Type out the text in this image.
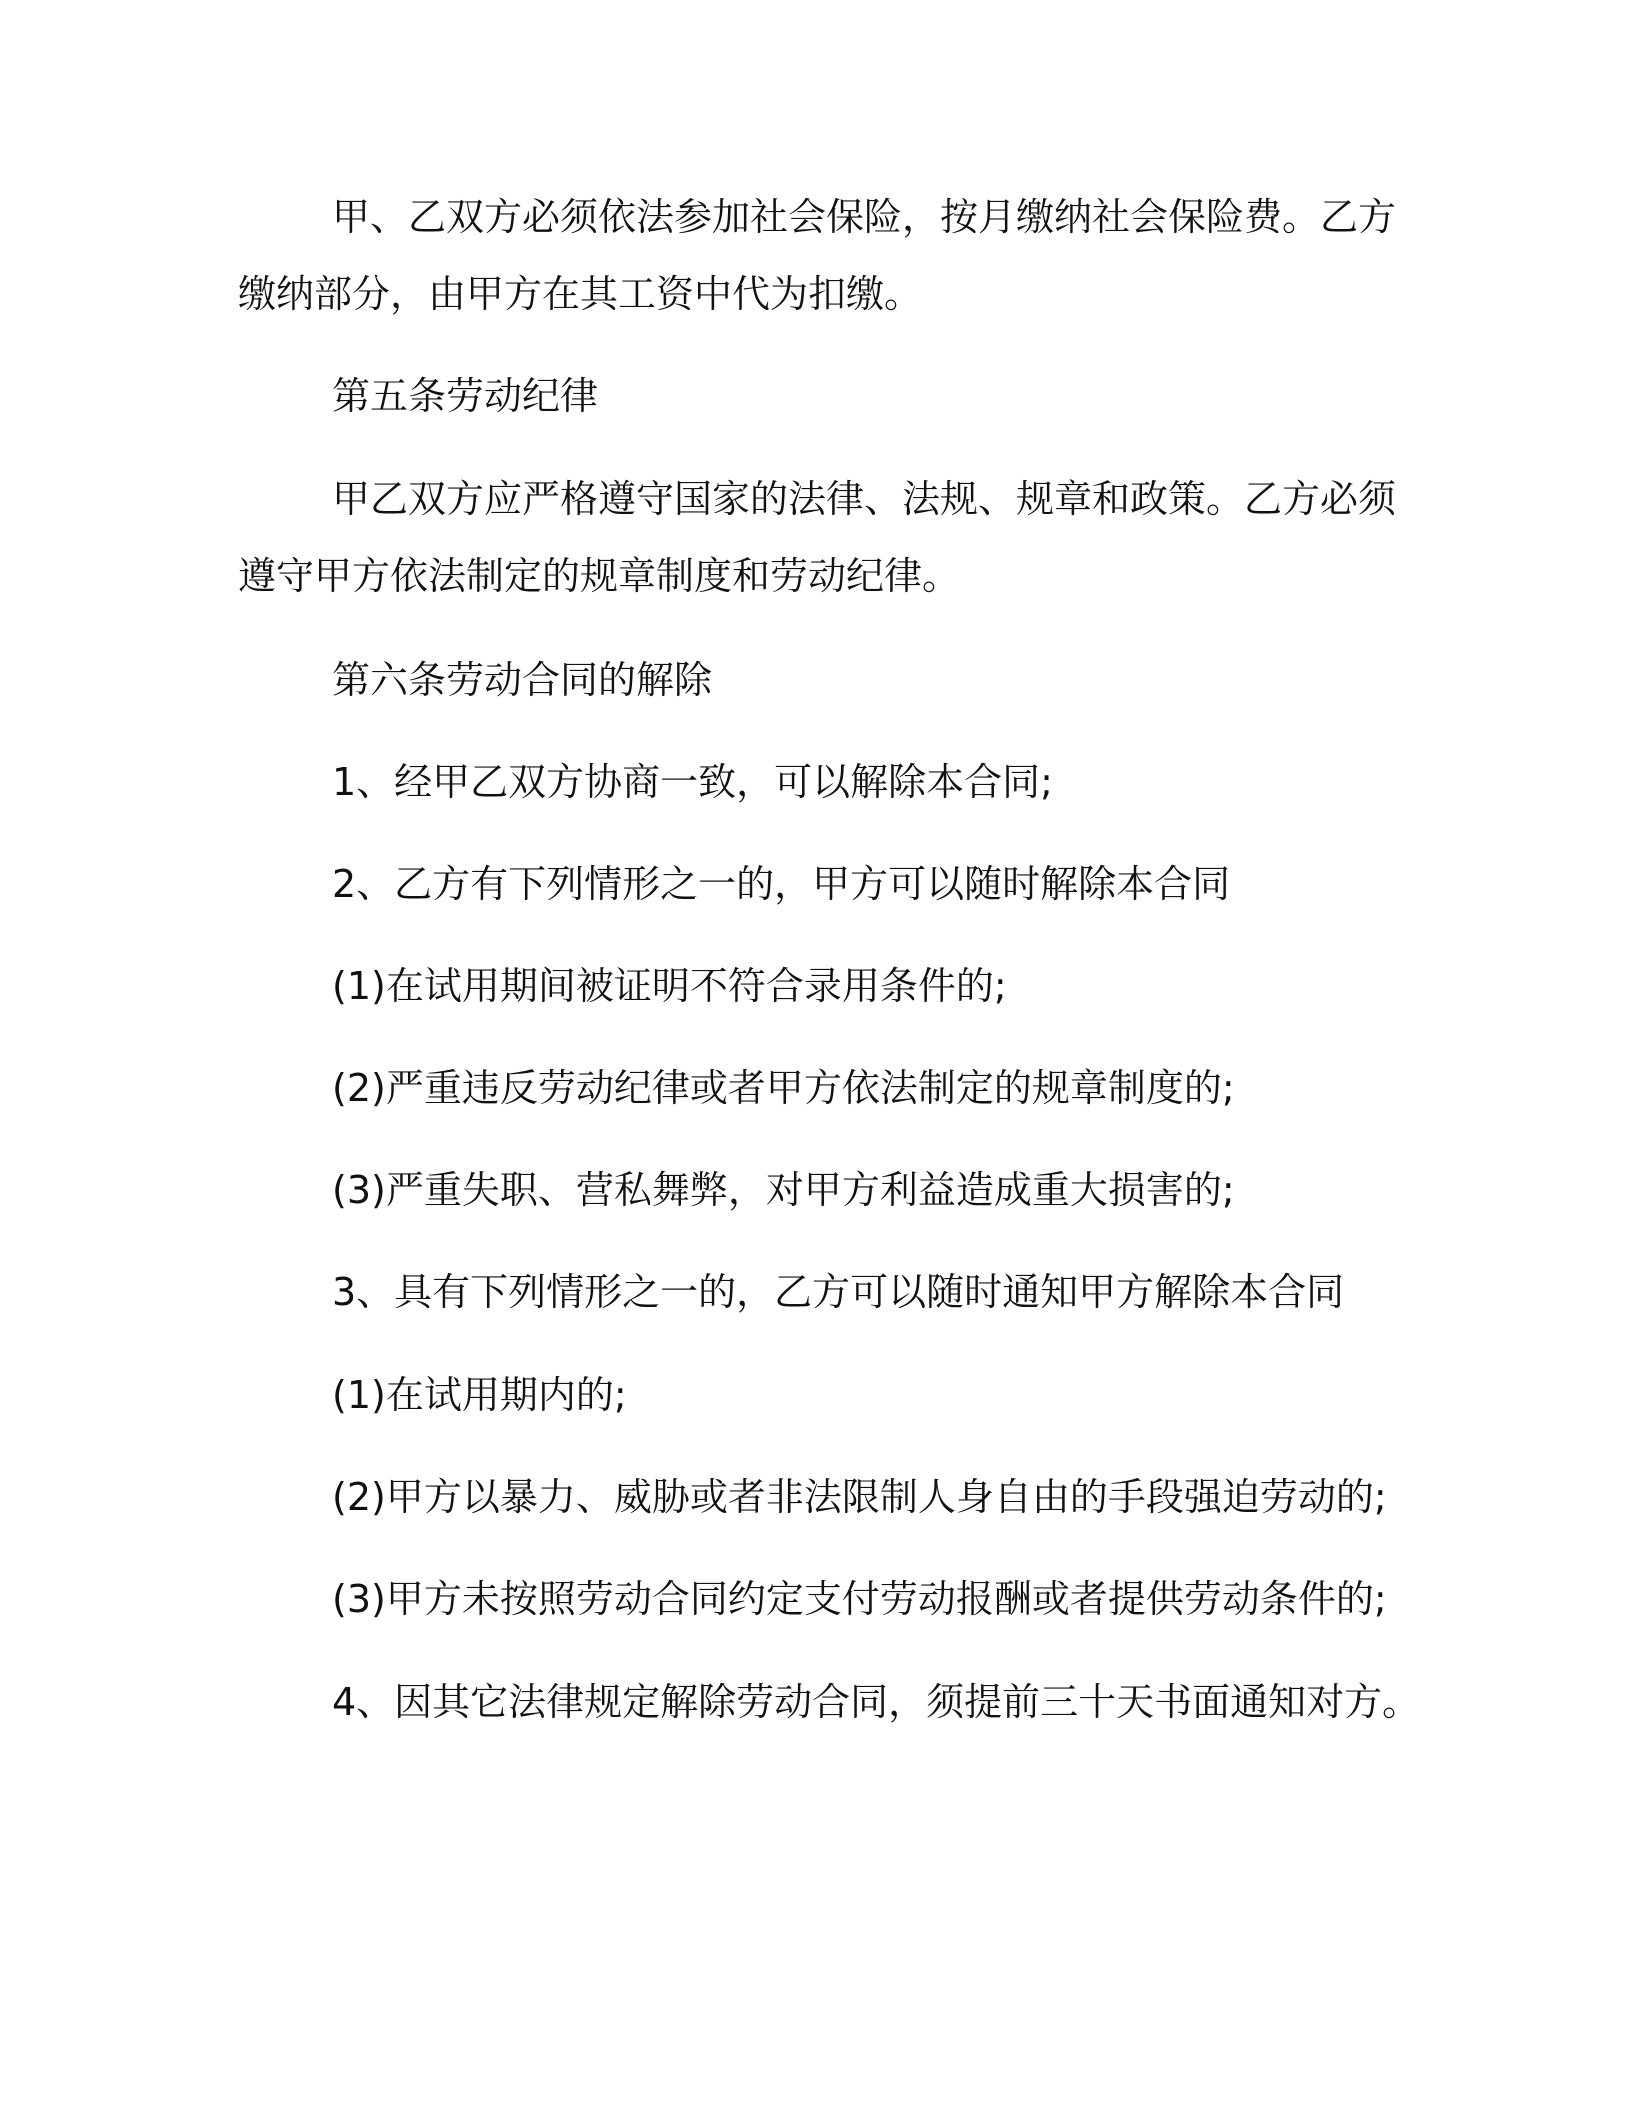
甲、乙双方必须依法参加社会保险，按月缴纳社会保险费。乙方
缴纳部分，由甲方在其工资中代为扣缴。
第五条劳动纪律
甲乙双方应严格遵守国家的法律、法规、规章和政策。乙方必须
遵守甲方依法制定的规章制度和劳动纪律。
第六条劳动合同的解除
1、经甲乙双方协商一致，可以解除本合同;
2、乙方有下列情形之一的，甲方可以随时解除本合同
(1)在试用期间被证明不符合录用条件的;
(2)严重违反劳动纪律或者甲方依法制定的规章制度的;
(3)严重失职、营私舞弊，对甲方利益造成重大损害的;
3、具有下列情形之一的，乙方可以随时通知甲方解除本合同
(1)在试用期内的;
(2)甲方以暴力、威胁或者非法限制人身自由的手段强迫劳动的;
(3)甲方未按照劳动合同约定支付劳动报酬或者提供劳动条件的;
4、因其它法律规定解除劳动合同，须提前三十天书面通知对方。
